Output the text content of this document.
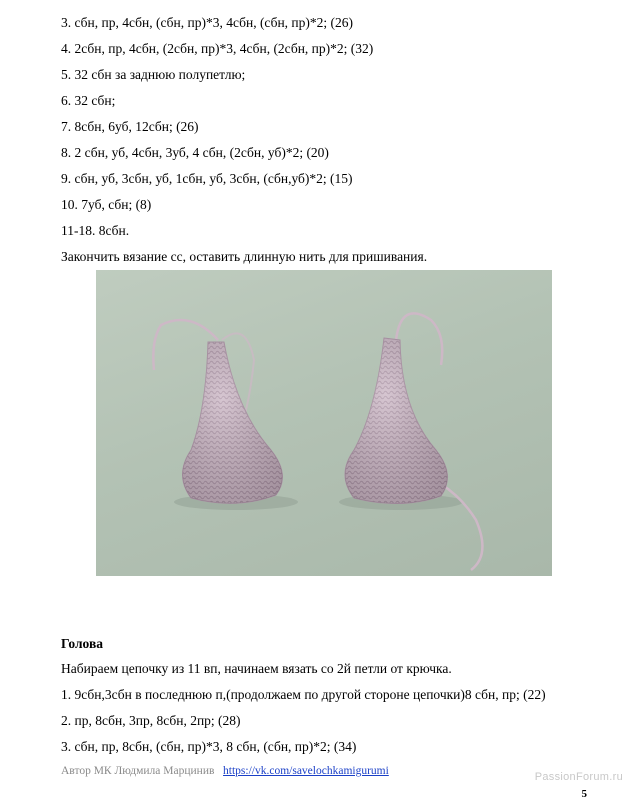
3. сбн, пр, 4сбн, (сбн, пр)*3, 4сбн, (сбн, пр)*2; (26)
4. 2сбн, пр, 4сбн, (2сбн, пр)*3, 4сбн, (2сбн, пр)*2; (32)
5. 32 сбн за заднюю полупетлю;
6. 32 сбн;
7. 8сбн, 6уб, 12сбн; (26)
8. 2 сбн, уб, 4сбн, 3уб, 4 сбн, (2сбн, уб)*2; (20)
9. сбн, уб, 3сбн, уб, 1сбн, уб, 3сбн, (сбн,уб)*2; (15)
10. 7уб, сбн; (8)
11-18. 8сбн.
Закончить вязание сс, оставить длинную нить для пришивания.
Голова
Набираем цепочку из 11 вп, начинаем вязать со 2й петли от крючка.
1. 9сбн,3сбн в последнюю п,(продолжаем по другой стороне цепочки)8 сбн, пр; (22)
2. пр, 8сбн, 3пр, 8сбн, 2пр; (28)
3. сбн, пр, 8сбн, (сбн, пр)*3, 8 сбн, (сбн, пр)*2; (34)
Автор МК Людмила Марцинив https://vk.com/savelochkamigurumi	PassionForum.ru
5
